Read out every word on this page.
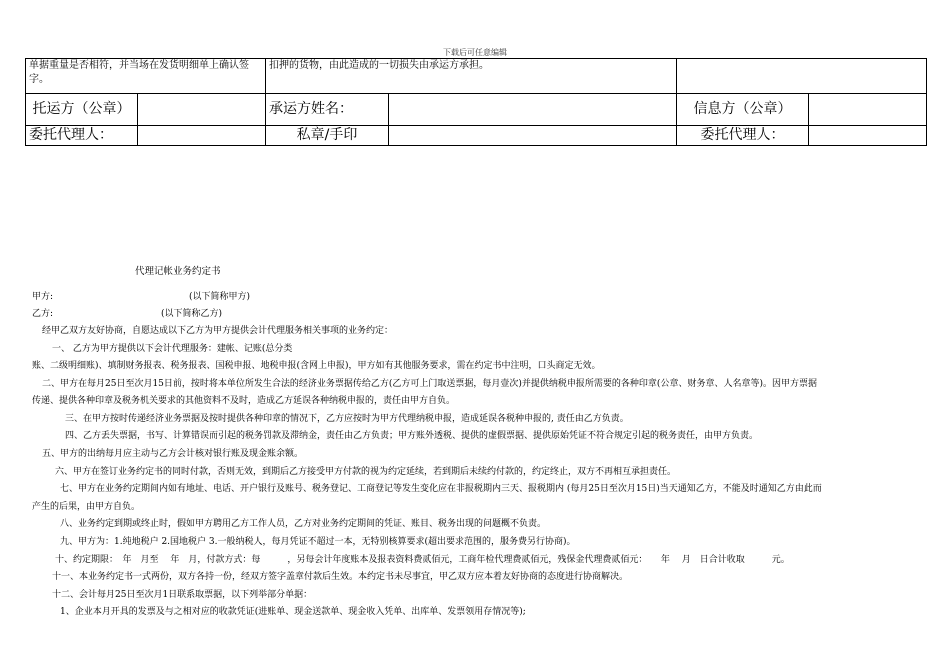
下载后可任意编辑
单据重量是否相符，并当场在发货明细单上确认签字。		扣押的货物，由此造成的一切损失由承运方承担。			
托运方（公章）		承运方姓名：		信息方（公章）	
委托代理人：		私章/手印		委托代理人：	
代理记帐业务约定书
甲方:	(以下简称甲方)
乙方:	(以下简称乙方)
经甲乙双方友好协商，自愿达成以下乙方为甲方提供会计代理服务相关事项的业务约定：
一、 乙方为甲方提供以下会计代理服务：建帐、记账(总分类
账、二级明细账)、填制财务报表、税务报表、国税申报、地税申报(含网上申报)，甲方如有其他服务要求，需在约定书中注明，口头商定无效。
二、甲方在每月25日至次月15日前，按时将本单位所发生合法的经济业务票据传给乙方(乙方可上门取送票据，每月壹次)并提供纳税申报所需要的各种印章(公章、财务章、人名章等)。因甲方票据
传递、提供各种印章及税务机关要求的其他资料不及时，造成乙方延误各种纳税申报的，责任由甲方自负。
三、在甲方按时传递经济业务票据及按时提供各种印章的情况下，乙方应按时为甲方代理纳税申报，造成延误各税种申报的, 责任由乙方负责。
四、乙方丢失票据，书写、计算错误而引起的税务罚款及滞纳金，责任由乙方负责；甲方账外透税、提供的虚假票据、提供原始凭证不符合规定引起的税务责任，由甲方负责。
五、甲方的出纳每月应主动与乙方会计核对银行账及现金账余额。
六、甲方在签订业务约定书的同时付款，否则无效，到期后乙方接受甲方付款的视为约定延续，若到期后未续约付款的，约定终止，双方不再相互承担责任。
七、甲方在业务约定期间内如有地址、电话、开户银行及账号、税务登记、工商登记等发生变化应在非报税期内三天、报税期内 (每月25日至次月15日)当天通知乙方，不能及时通知乙方由此而
产生的后果，由甲方自负。
八、业务约定到期或终止时，假如甲方聘用乙方工作人员，乙方对业务约定期间的凭证、账目、税务出现的问题概不负责。
九、甲方为：1.纯地税户 2.国地税户 3.一般纳税人，每月凭证不超过一本，无特别核算要求(超出要求范围的，服务费另行协商)。
十、约定期限：　年　月至　 年　月，付款方式：每　　　，另每会计年度账本及报表资料费贰佰元，工商年检代理费贰佰元，残保金代理费贰佰元：　　年　 月　日合计收取　　　元。
十一、本业务约定书一式两份，双方各持一份，经双方签字盖章付款后生效。本约定书未尽事宜，甲乙双方应本着友好协商的态度进行协商解决。
十二、会计每月25日至次月1日联系取票据，以下列举部分单据：
1、企业本月开具的发票及与之相对应的收款凭证(进账单、现金送款单、现金收入凭单、出库单、发票领用存情况等);
